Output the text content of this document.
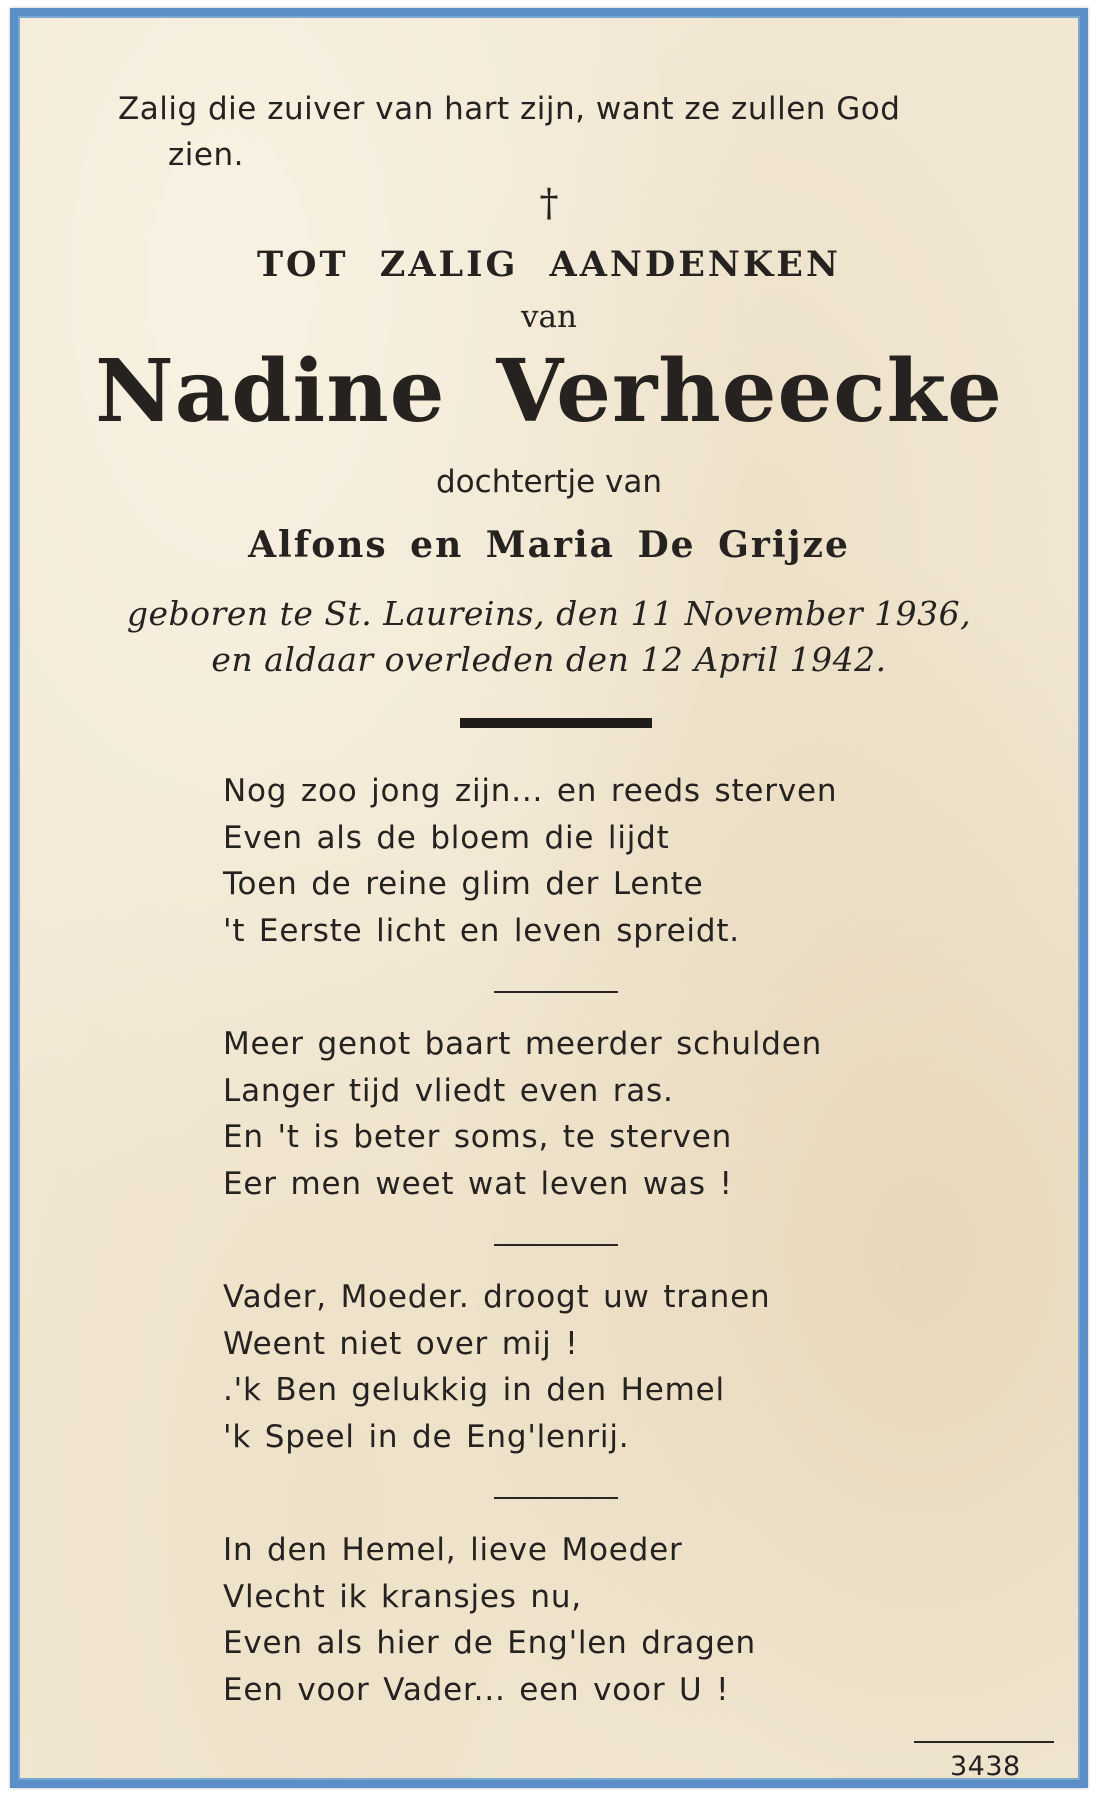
Zalig die zuiver van hart zijn, want ze zullen God
zien.

†
TOT ZALIG AANDENKEN
van
Nadine Verheecke
dochtertje van
Alfons en Maria De Grijze
geboren te St. Laureins, den 11 November 1936,
en aldaar overleden den 12 April 1942.
Nog zoo jong zijn... en reeds sterven
Even als de bloem die lijdt
Toen de reine glim der Lente
't Eerste licht en leven spreidt.
Meer genot baart meerder schulden
Langer tijd vliedt even ras.
En 't is beter soms, te sterven
Eer men weet wat leven was !
Vader, Moeder. droogt uw tranen
Weent niet over mij !
.'k Ben gelukkig in den Hemel
'k Speel in de Eng'lenrij.
In den Hemel, lieve Moeder
Vlecht ik kransjes nu,
Even als hier de Eng'len dragen
Een voor Vader... een voor U !
3438
